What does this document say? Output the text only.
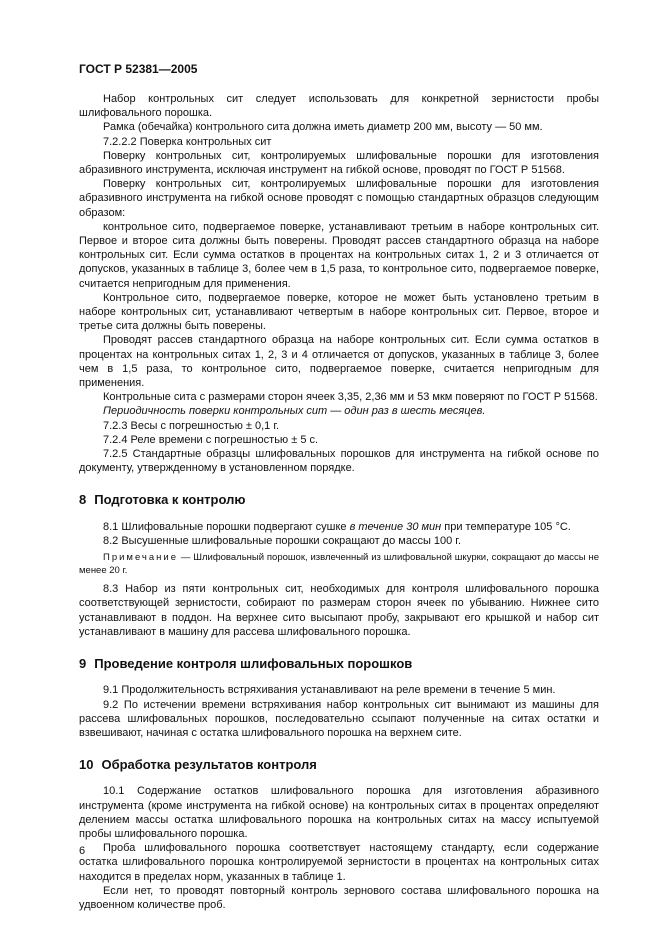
ГОСТ Р 52381—2005

Набор контрольных сит следует использовать для конкретной зернистости пробы шлифовального порошка.

Рамка (обечайка) контрольного сита должна иметь диаметр 200 мм, высоту — 50 мм.

7.2.2.2 Поверка контрольных сит

Поверку контрольных сит, контролируемых шлифовальные порошки для изготовления абразивного инструмента, исключая инструмент на гибкой основе, проводят по ГОСТ Р 51568.

Поверку контрольных сит, контролируемых шлифовальные порошки для изготовления абразивного инструмента на гибкой основе проводят с помощью стандартных образцов следующим образом:

контрольное сито, подвергаемое поверке, устанавливают третьим в наборе контрольных сит. Первое и второе сита должны быть поверены. Проводят рассев стандартного образца на наборе контрольных сит. Если сумма остатков в процентах на контрольных ситах 1, 2 и 3 отличается от допусков, указанных в таблице 3, более чем в 1,5 раза, то контрольное сито, подвергаемое поверке, считается непригодным для применения.

Контрольное сито, подвергаемое поверке, которое не может быть установлено третьим в наборе контрольных сит, устанавливают четвертым в наборе контрольных сит. Первое, второе и третье сита должны быть поверены.

Проводят рассев стандартного образца на наборе контрольных сит. Если сумма остатков в процентах на контрольных ситах 1, 2, 3 и 4 отличается от допусков, указанных в таблице 3, более чем в 1,5 раза, то контрольное сито, подвергаемое поверке, считается непригодным для применения.

Контрольные сита с размерами сторон ячеек 3,35, 2,36 мм и 53 мкм поверяют по ГОСТ Р 51568.

Периодичность поверки контрольных сит — один раз в шесть месяцев.

7.2.3 Весы с погрешностью ± 0,1 г.

7.2.4 Реле времени с погрешностью ± 5 с.

7.2.5 Стандартные образцы шлифовальных порошков для инструмента на гибкой основе по документу, утвержденному в установленном порядке.

8 Подготовка к контролю

8.1 Шлифовальные порошки подвергают сушке в течение 30 мин при температуре 105 °С.

8.2 Высушенные шлифовальные порошки сокращают до массы 100 г.

Примечание — Шлифовальный порошок, извлеченный из шлифовальной шкурки, сокращают до массы не менее 20 г.

8.3 Набор из пяти контрольных сит, необходимых для контроля шлифовального порошка соответствующей зернистости, собирают по размерам сторон ячеек по убыванию. Нижнее сито устанавливают в поддон. На верхнее сито высыпают пробу, закрывают его крышкой и набор сит устанавливают в машину для рассева шлифовального порошка.

9 Проведение контроля шлифовальных порошков

9.1 Продолжительность встряхивания устанавливают на реле времени в течение 5 мин.

9.2 По истечении времени встряхивания набор контрольных сит вынимают из машины для рассева шлифовальных порошков, последовательно ссыпают полученные на ситах остатки и взвешивают, начиная с остатка шлифовального порошка на верхнем сите.

10 Обработка результатов контроля

10.1 Содержание остатков шлифовального порошка для изготовления абразивного инструмента (кроме инструмента на гибкой основе) на контрольных ситах в процентах определяют делением массы остатка шлифовального порошка на контрольных ситах на массу испытуемой пробы шлифовального порошка.

Проба шлифовального порошка соответствует настоящему стандарту, если содержание остатка шлифовального порошка контролируемой зернистости в процентах на контрольных ситах находится в пределах норм, указанных в таблице 1.

Если нет, то проводят повторный контроль зернового состава шлифовального порошка на удвоенном количестве проб.

6
